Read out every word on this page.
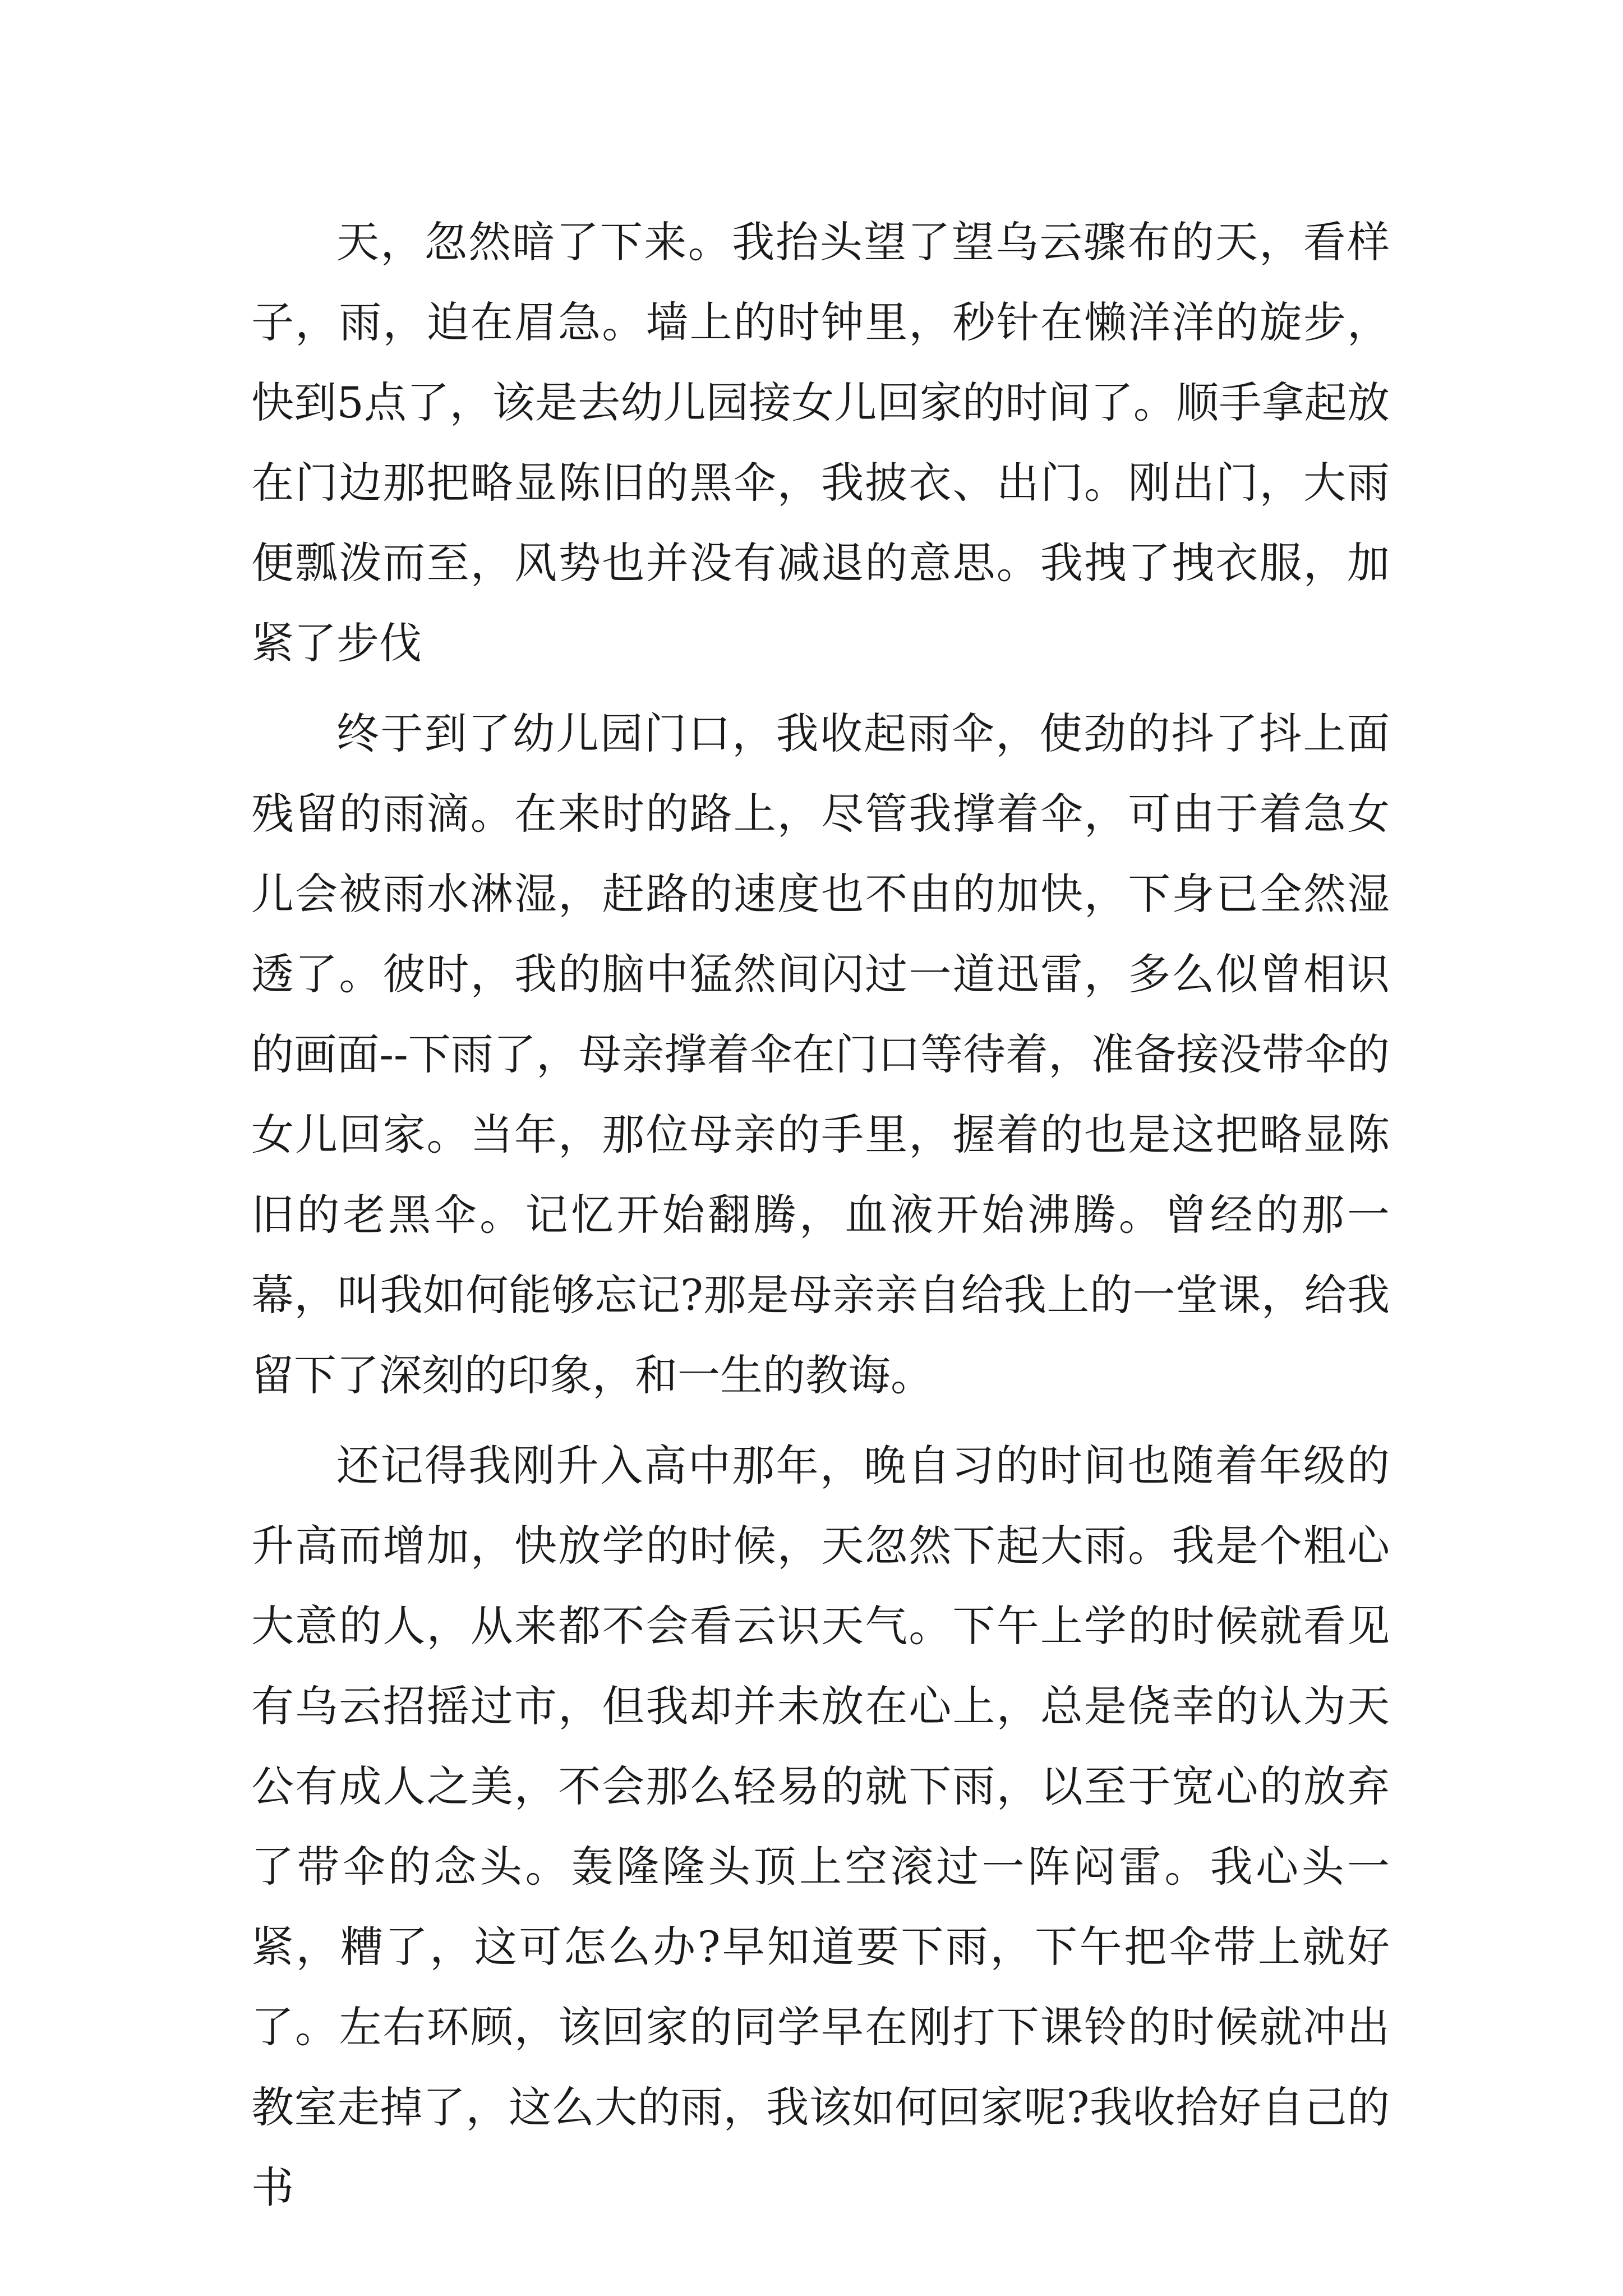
天，忽然暗了下来。我抬头望了望乌云骤布的天，看样子，雨，迫在眉急。墙上的时钟里，秒针在懒洋洋的旋步，快到5点了，该是去幼儿园接女儿回家的时间了。顺手拿起放在门边那把略显陈旧的黑伞，我披衣、出门。刚出门，大雨便瓢泼而至，风势也并没有减退的意思。我拽了拽衣服，加紧了步伐

终于到了幼儿园门口，我收起雨伞，使劲的抖了抖上面残留的雨滴。在来时的路上，尽管我撑着伞，可由于着急女儿会被雨水淋湿，赶路的速度也不由的加快，下身已全然湿透了。彼时，我的脑中猛然间闪过一道迅雷，多么似曾相识的画面--下雨了，母亲撑着伞在门口等待着，准备接没带伞的女儿回家。当年，那位母亲的手里，握着的也是这把略显陈旧的老黑伞。记忆开始翻腾，血液开始沸腾。曾经的那一幕，叫我如何能够忘记?那是母亲亲自给我上的一堂课，给我留下了深刻的印象，和一生的教诲。

还记得我刚升入高中那年，晚自习的时间也随着年级的升高而增加，快放学的时候，天忽然下起大雨。我是个粗心大意的人，从来都不会看云识天气。下午上学的时候就看见有乌云招摇过市，但我却并未放在心上，总是侥幸的认为天公有成人之美，不会那么轻易的就下雨，以至于宽心的放弃了带伞的念头。轰隆隆头顶上空滚过一阵闷雷。我心头一紧，糟了，这可怎么办?早知道要下雨，下午把伞带上就好了。左右环顾，该回家的同学早在刚打下课铃的时候就冲出教室走掉了，这么大的雨，我该如何回家呢?我收拾好自己的书
